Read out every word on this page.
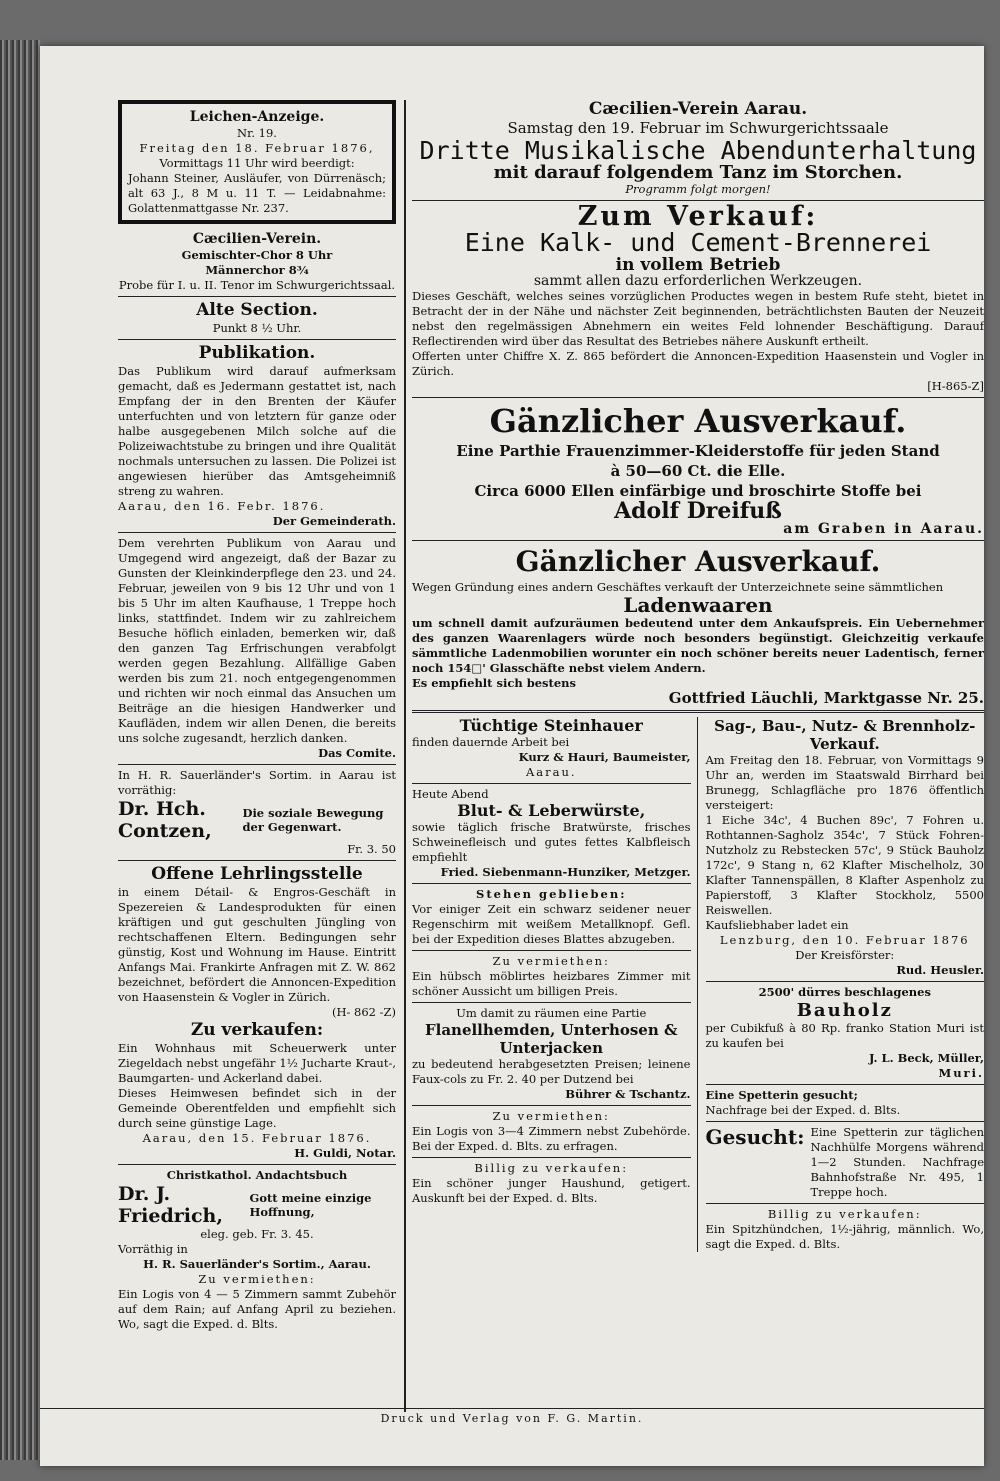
Leichen-Anzeige.

Nr. 19.

Freitag den 18. Februar 1876,

Vormittags 11 Uhr wird beerdigt:

Johann Steiner, Ausläufer, von Dürrenäsch; alt 63 J., 8 M u. 11 T. — Leidabnahme: Golattenmattgasse Nr. 237.

Cæcilien-Verein.

Gemischter-Chor 8 Uhr

Männerchor 8¾

Probe für I. u. II. Tenor im Schwurgerichtssaal.

Alte Section.

Punkt 8 ½ Uhr.

Publikation.

Das Publikum wird darauf aufmerksam gemacht, daß es Jedermann gestattet ist, nach Empfang der in den Brenten der Käufer unterfuchten und von letztern für ganze oder halbe ausgegebenen Milch solche auf die Polizeiwachtstube zu bringen und ihre Qualität nochmals untersuchen zu lassen. Die Polizei ist angewiesen hierüber das Amtsgeheimniß streng zu wahren.

Aarau, den 16. Febr. 1876.

Der Gemeinderath.

Dem verehrten Publikum von Aarau und Umgegend wird angezeigt, daß der Bazar zu Gunsten der Kleinkinderpflege den 23. und 24. Februar, jeweilen von 9 bis 12 Uhr und von 1 bis 5 Uhr im alten Kaufhause, 1 Treppe hoch links, stattfindet. Indem wir zu zahlreichem Besuche höflich einladen, bemerken wir, daß den ganzen Tag Erfrischungen verabfolgt werden gegen Bezahlung. Allfällige Gaben werden bis zum 21. noch entgegengenommen und richten wir noch einmal das Ansuchen um Beiträge an die hiesigen Handwerker und Kaufläden, indem wir allen Denen, die bereits uns solche zugesandt, herzlich danken.

Das Comite.

In H. R. Sauerländer's Sortim. in Aarau ist vorräthig:

Dr. Hch. Contzen,
Die soziale Bewegung der Gegenwart.

Fr. 3. 50

Offene Lehrlingsstelle

in einem Détail- & Engros-Geschäft in Spezereien & Landesprodukten für einen kräftigen und gut geschulten Jüngling von rechtschaffenen Eltern. Bedingungen sehr günstig, Kost und Wohnung im Hause. Eintritt Anfangs Mai. Frankirte Anfragen mit Z. W. 862 bezeichnet, befördert die Annoncen-Expedition von Haasenstein & Vogler in Zürich.

(H- 862 -Z)

Zu verkaufen:

Ein Wohnhaus mit Scheuerwerk unter Ziegeldach nebst ungefähr 1½ Jucharte Kraut-, Baumgarten- und Ackerland dabei.

Dieses Heimwesen befindet sich in der Gemeinde Oberentfelden und empfiehlt sich durch seine günstige Lage.

Aarau, den 15. Februar 1876.

H. Guldi, Notar.

Christkathol. Andachtsbuch

Dr. J. Friedrich,
Gott meine einzige Hoffnung,

eleg. geb. Fr. 3. 45.

Vorräthig in

H. R. Sauerländer's Sortim., Aarau.

Zu vermiethen:

Ein Logis von 4 — 5 Zimmern sammt Zubehör auf dem Rain; auf Anfang April zu beziehen. Wo, sagt die Exped. d. Blts.

Cæcilien-Verein Aarau.

Samstag den 19. Februar im Schwurgerichtssaale

Dritte Musikalische Abendunterhaltung
mit darauf folgendem Tanz im Storchen.

Programm folgt morgen!

Zum Verkauf:
Eine Kalk- und Cement-Brennerei
in vollem Betrieb

sammt allen dazu erforderlichen Werkzeugen.

Dieses Geschäft, welches seines vorzüglichen Productes wegen in bestem Rufe steht, bietet in Betracht der in der Nähe und nächster Zeit beginnenden, beträchtlichsten Bauten der Neuzeit nebst den regelmässigen Abnehmern ein weites Feld lohnender Beschäftigung. Darauf Reflectirenden wird über das Resultat des Betriebes nähere Auskunft ertheilt.

Offerten unter Chiffre X. Z. 865 befördert die Annoncen-Expedition Haasenstein und Vogler in Zürich.

[H-865-Z]

Gänzlicher Ausverkauf.

Eine Parthie Frauenzimmer-Kleiderstoffe für jeden Stand

à 50—60 Ct. die Elle.

Circa 6000 Ellen einfärbige und broschirte Stoffe bei

Adolf Dreifuß

am Graben in Aarau.

Gänzlicher Ausverkauf.

Wegen Gründung eines andern Geschäftes verkauft der Unterzeichnete seine sämmtlichen

Ladenwaaren

um schnell damit aufzuräumen bedeutend unter dem Ankaufspreis. Ein Uebernehmer des ganzen Waarenlagers würde noch besonders begünstigt. Gleichzeitig verkaufe sämmtliche Ladenmobilien worunter ein noch schöner bereits neuer Ladentisch, ferner noch 154□' Glasschäfte nebst vielem Andern.

Es empfiehlt sich bestens

Gottfried Läuchli, Marktgasse Nr. 25.

Tüchtige Steinhauer

finden dauernde Arbeit bei

Kurz & Hauri, Baumeister,

Aarau.

Heute Abend

Blut- & Leberwürste,

sowie täglich frische Bratwürste, frisches Schweinefleisch und gutes fettes Kalbfleisch empfiehlt

Fried. Siebenmann-Hunziker, Metzger.

Stehen geblieben:

Vor einiger Zeit ein schwarz seidener neuer Regenschirm mit weißem Metallknopf. Gefl. bei der Expedition dieses Blattes abzugeben.

Zu vermiethen:

Ein hübsch möblirtes heizbares Zimmer mit schöner Aussicht um billigen Preis.

Um damit zu räumen eine Partie

Flanellhemden, Unterhosen & Unterjacken

zu bedeutend herabgesetzten Preisen; leinene Faux-cols zu Fr. 2. 40 per Dutzend bei

Bührer & Tschantz.

Zu vermiethen:

Ein Logis von 3—4 Zimmern nebst Zubehörde. Bei der Exped. d. Blts. zu erfragen.

Billig zu verkaufen:

Ein schöner junger Haushund, getigert. Auskunft bei der Exped. d. Blts.

Sag-, Bau-, Nutz- & Brennholz-Verkauf.

Am Freitag den 18. Februar, von Vormittags 9 Uhr an, werden im Staatswald Birrhard bei Brunegg, Schlagfläche pro 1876 öffentlich versteigert:

1 Eiche 34c', 4 Buchen 89c', 7 Fohren u. Rothtannen-Sagholz 354c', 7 Stück Fohren-Nutzholz zu Rebstecken 57c', 9 Stück Bauholz 172c', 9 Stang n, 62 Klafter Mischelholz, 30 Klafter Tannenspällen, 8 Klafter Aspenholz zu Papierstoff, 3 Klafter Stockholz, 5500 Reiswellen.

Kaufsliebhaber ladet ein

Lenzburg, den 10. Februar 1876

Der Kreisförster:

Rud. Heusler.

2500' dürres beschlagenes

Bauholz

per Cubikfuß à 80 Rp. franko Station Muri ist zu kaufen bei

J. L. Beck, Müller,

Muri.

Eine Spetterin gesucht;

Nachfrage bei der Exped. d. Blts.

Gesucht: Eine Spetterin zur täglichen Nachhülfe Morgens während 1—2 Stunden. Nachfrage Bahnhofstraße Nr. 495, 1 Treppe hoch.

Billig zu verkaufen:

Ein Spitzhündchen, 1½-jährig, männlich. Wo, sagt die Exped. d. Blts.

Druck und Verlag von F. G. Martin.
